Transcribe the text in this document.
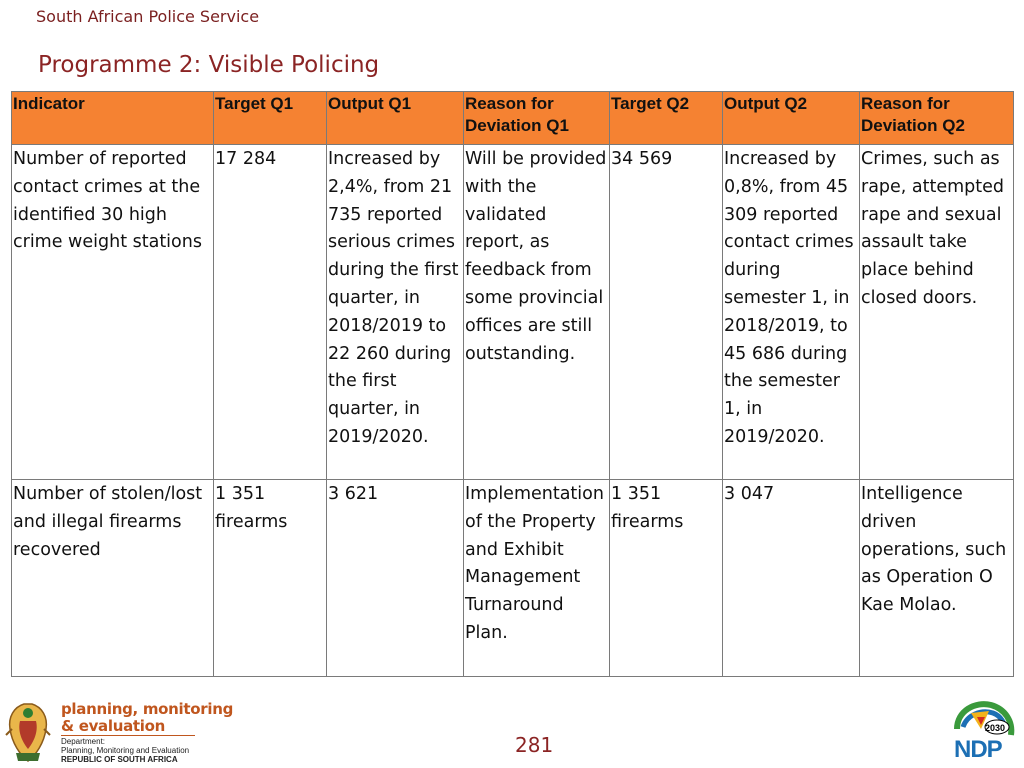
South African Police Service
Programme 2: Visible Policing
Indicator	Target Q1	Output Q1	Reason for Deviation Q1	Target Q2	Output Q2	Reason for Deviation Q2
Number of reported contact crimes at the identified 30 high crime weight stations	17 284	Increased by 2,4%, from 21 735 reported serious crimes during the first quarter, in 2018/2019 to 22 260 during the first quarter, in 2019/2020.	Will be provided with the validated report, as feedback from some provincial offices are still outstanding.	34 569	Increased by 0,8%, from 45 309 reported contact crimes during semester 1, in 2018/2019, to 45 686 during the semester 1, in 2019/2020.	Crimes, such as rape, attempted rape and sexual assault take place behind closed doors.
Number of stolen/lost and illegal firearms recovered	1 351 firearms	3 621	Implementation of the Property and Exhibit Management Turnaround Plan.	1 351 firearms	3 047	Intelligence driven operations, such as Operation O Kae Molao.
planning, monitoring
& evaluation
Department:
Planning, Monitoring and Evaluation
REPUBLIC OF SOUTH AFRICA
281
2030
NDP
